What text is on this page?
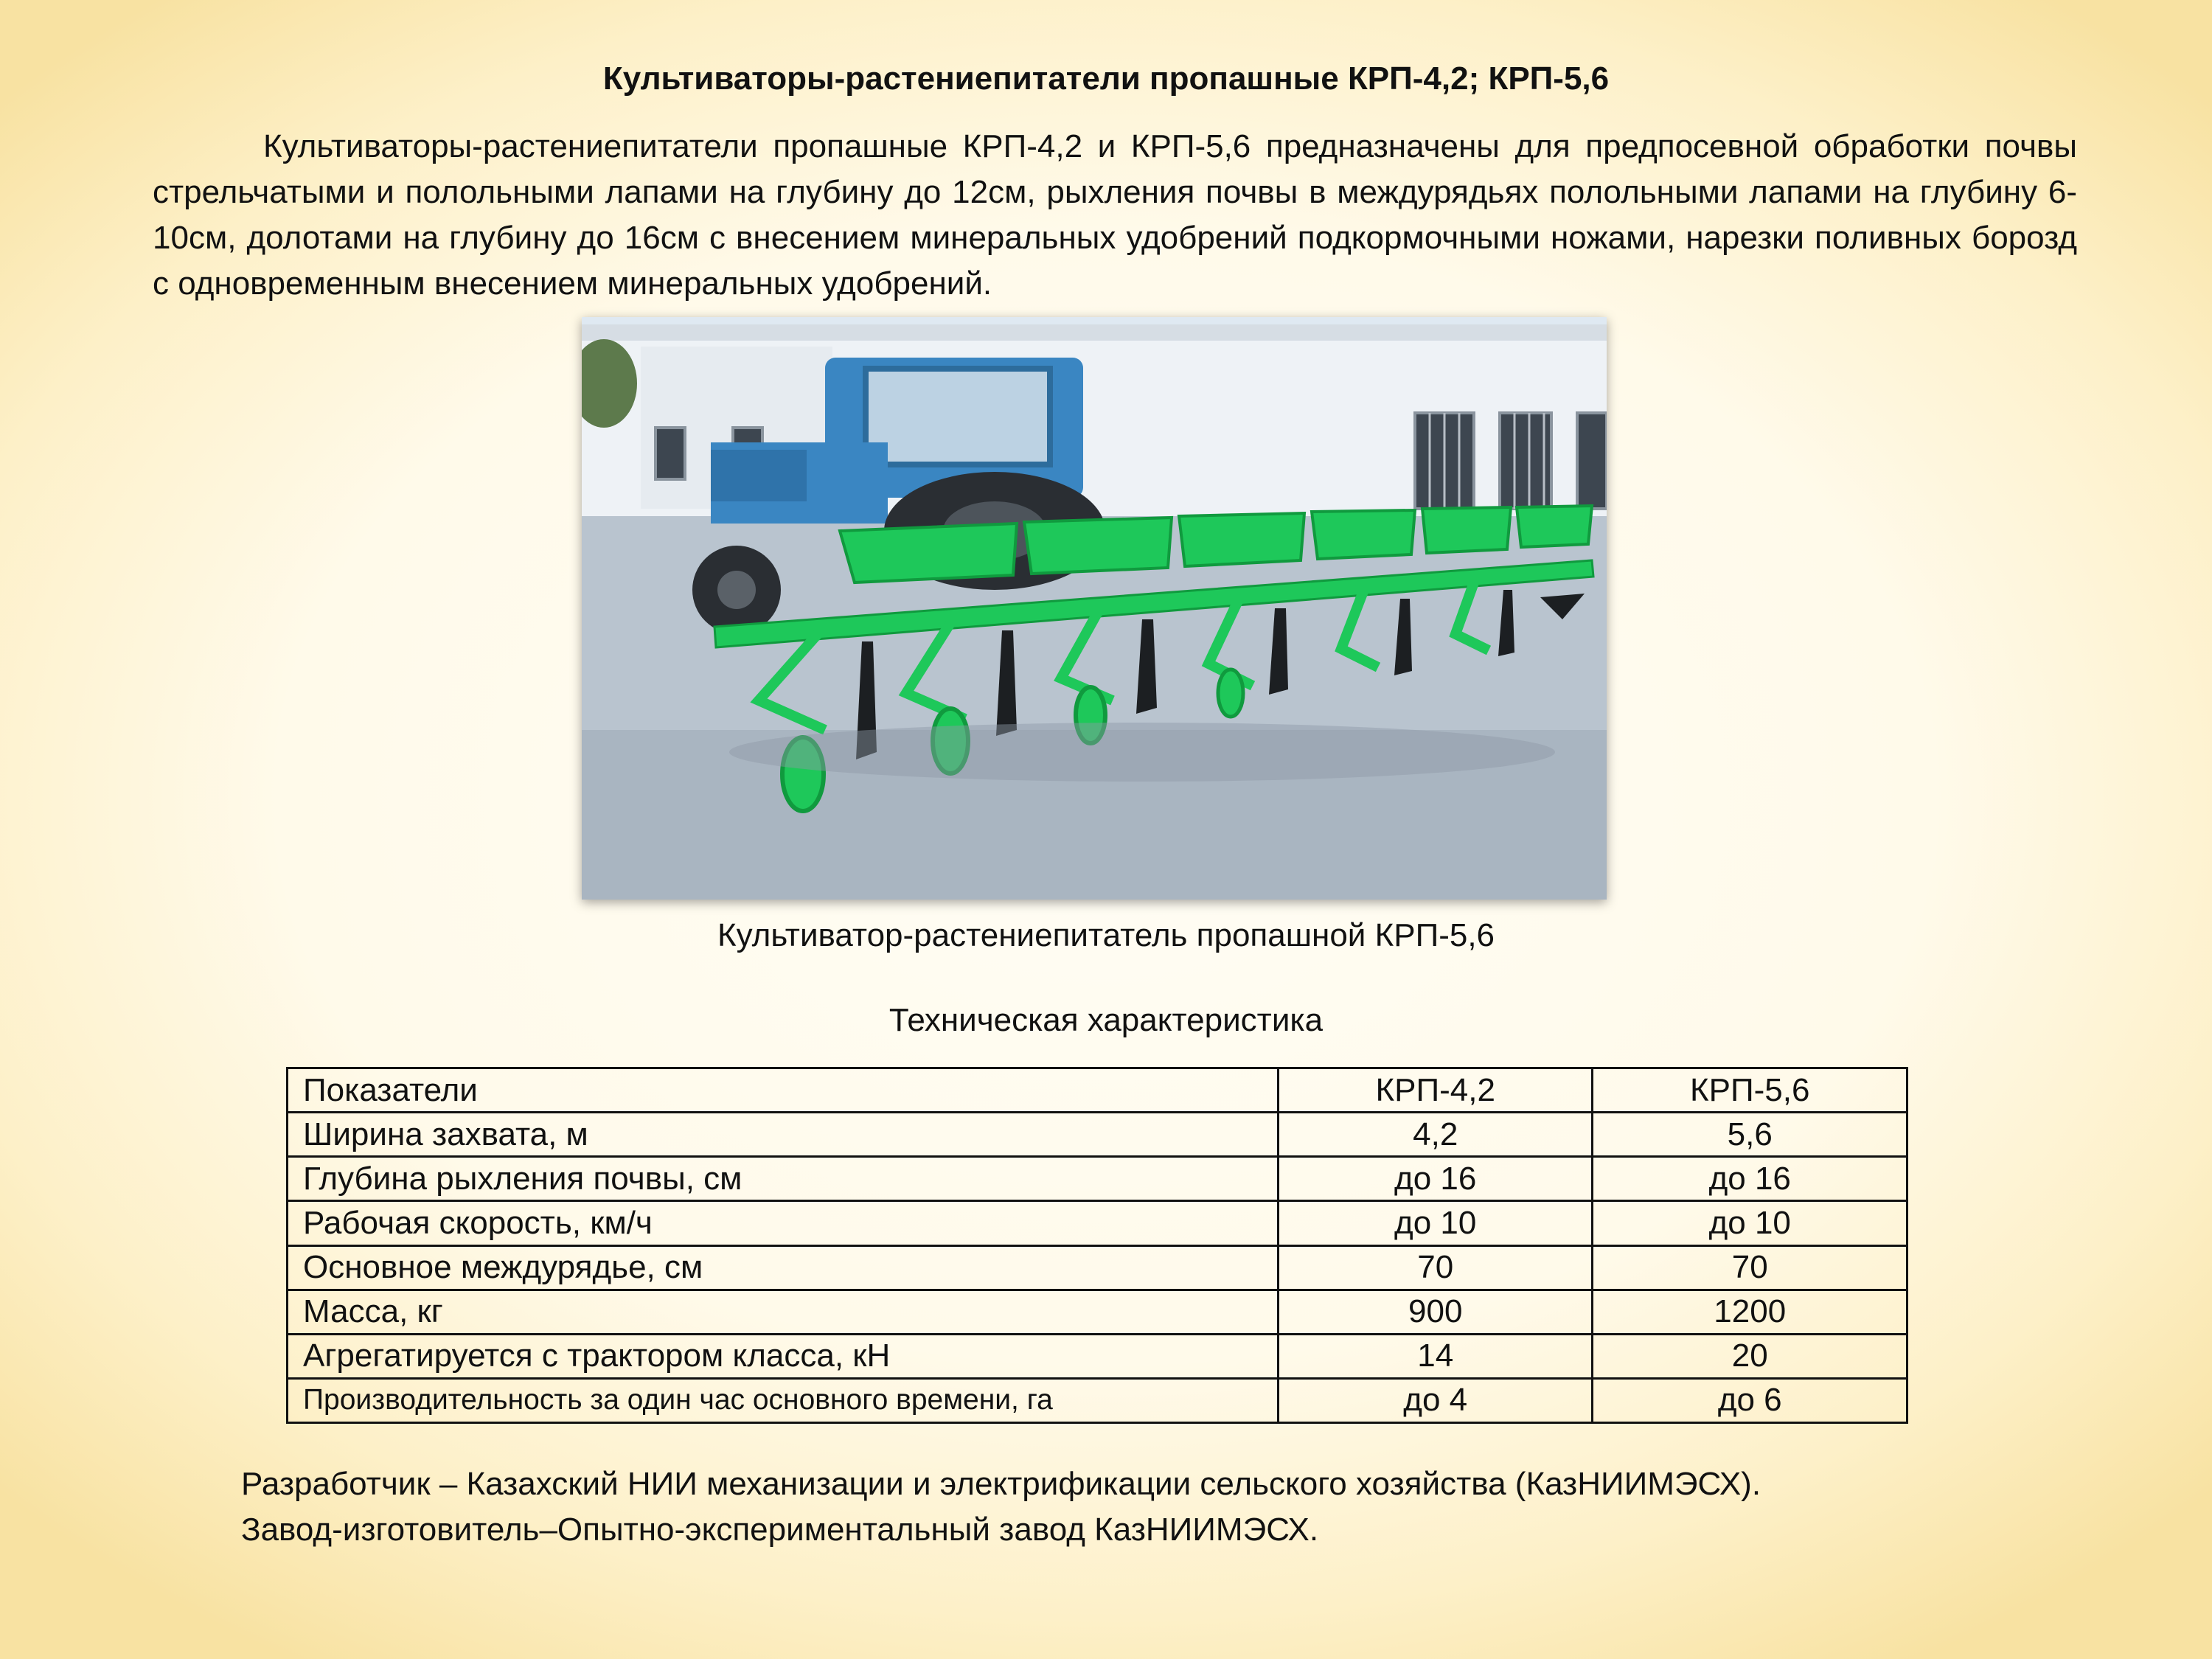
Культиваторы-растениепитатели пропашные КРП-4,2; КРП-5,6
Культиваторы-растениепитатели пропашные КРП-4,2 и КРП-5,6 предназначены для предпосевной обработки почвы стрельчатыми и полольными лапами на глубину до 12см, рыхления почвы в междурядьях полольными лапами на глубину 6-10см, долотами на глубину до 16см с внесением минеральных удобрений подкормочными ножами, нарезки поливных борозд с одновременным внесением минеральных удобрений.
Культиватор-растениепитатель пропашной КРП-5,6
Техническая характеристика
Показатели	КРП-4,2	КРП-5,6
Ширина захвата, м	4,2	5,6
Глубина рыхления почвы, см	до 16	до 16
Рабочая скорость, км/ч	до 10	до 10
Основное междурядье, см	70	70
Масса, кг	900	1200
Агрегатируется с трактором класса, кН	14	20
Производительность за один час основного времени, га	до 4	до 6
Разработчик – Казахский НИИ механизации и электрификации сельского хозяйства (КазНИИМЭСХ).
Завод-изготовитель–Опытно-экспериментальный завод КазНИИМЭСХ.
